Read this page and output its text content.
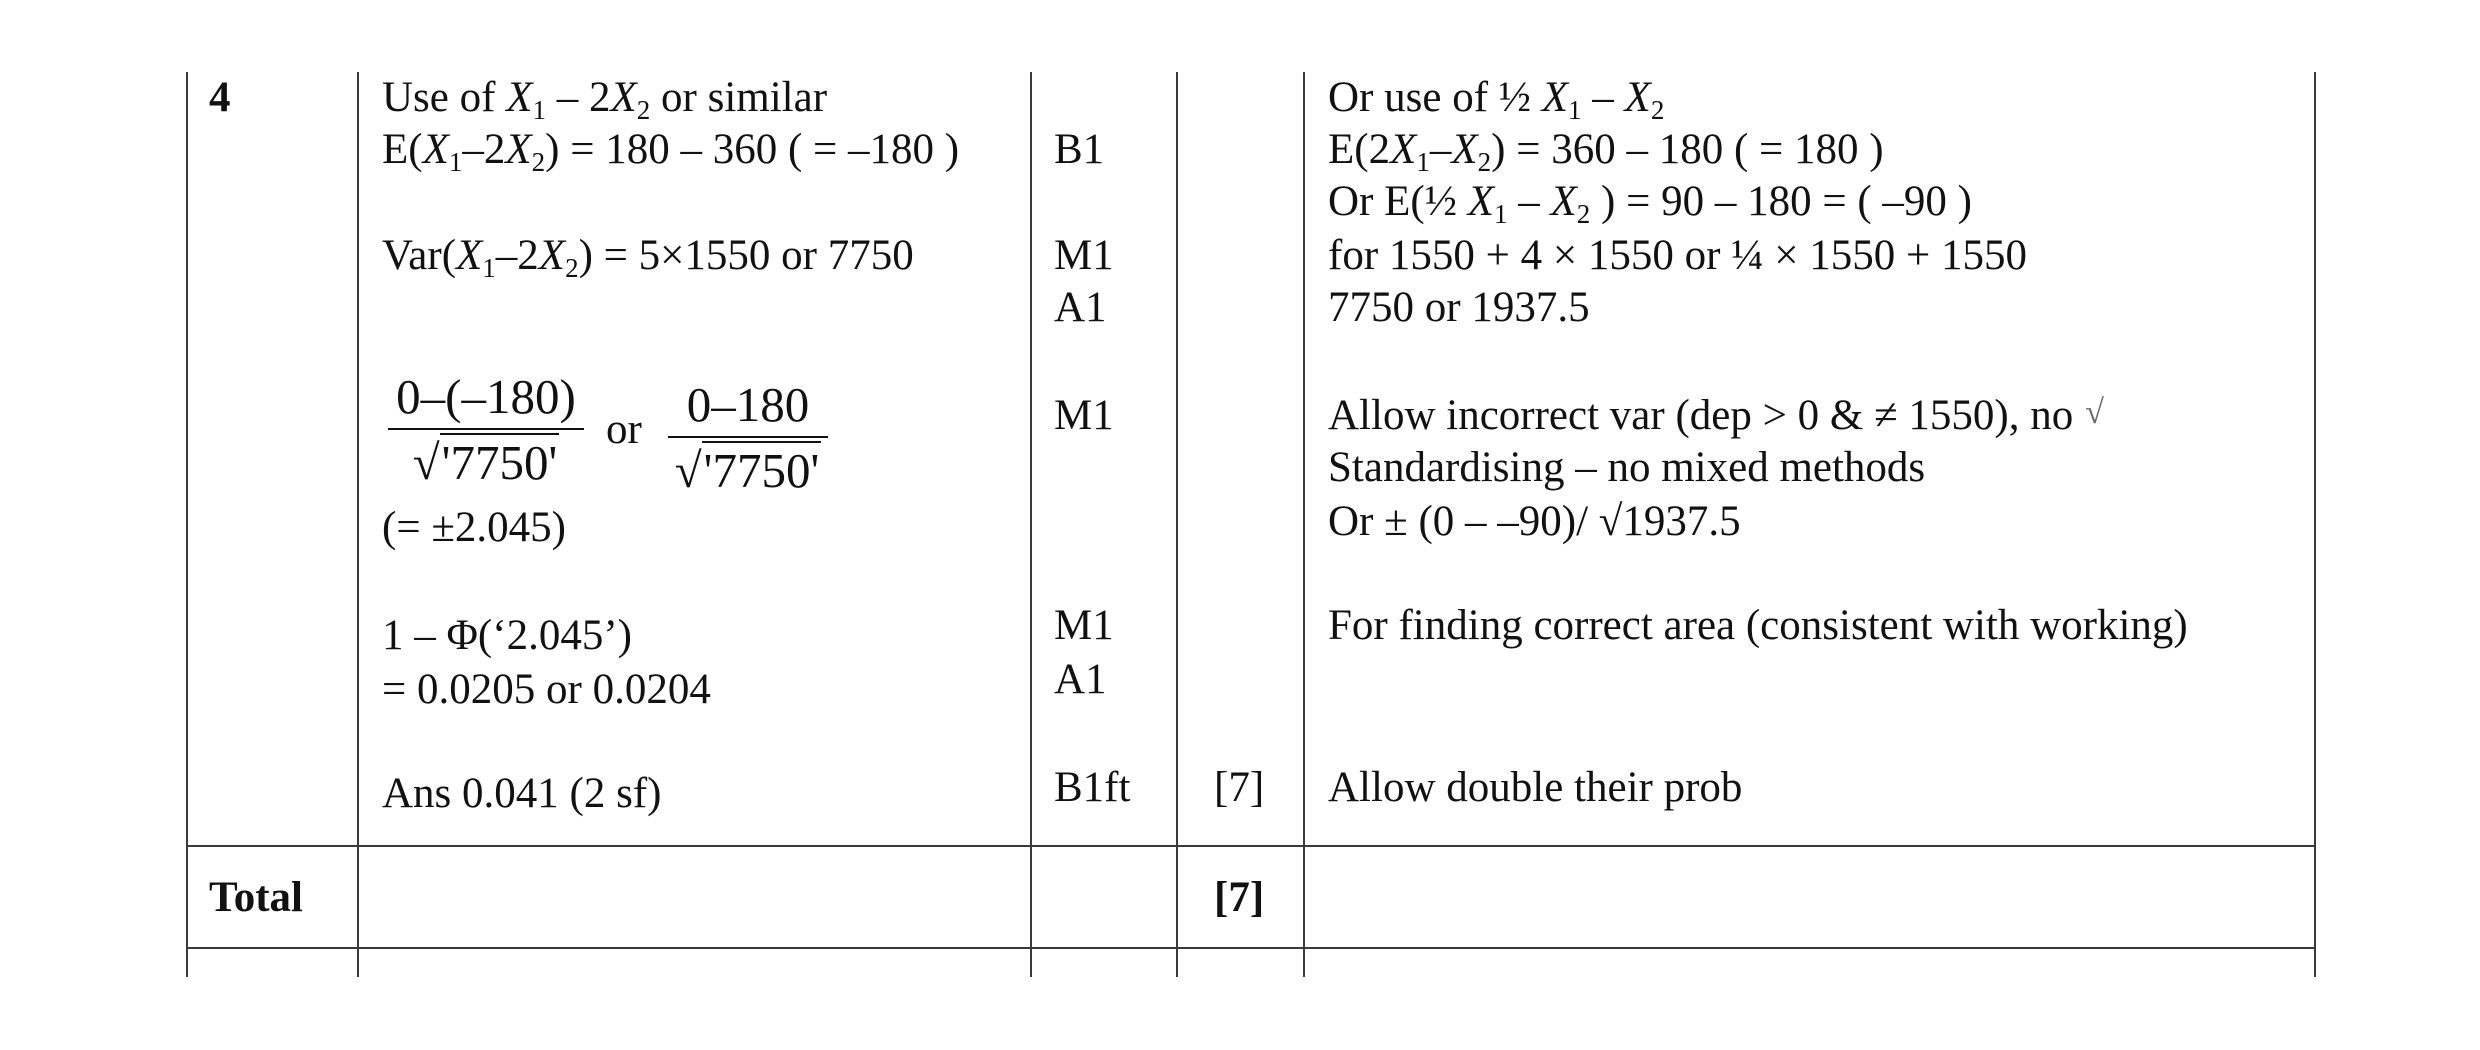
4	Use of $X_1 - 2X_2$ or similar
$E(X_1-2X_2) = 180 - 360$ ( = –180 )
$Var(X_1-2X_2) = 5\times 1550$ or 7750
0–(–180)
√'7750'
or 0–180
√'7750'
(= ±2.045)
1 – Φ(‘2.045’)
= 0.0205 or 0.0204
Ans 0.041 (2 sf)
B1
M1
A1
M1
M1
A1
B1ft [7]
Or use of ½ $X_1 - X_2$
$E(2X_1-X_2) = 360 - 180$ ( = 180 )
Or E(½ $X_1 - X_2$ ) = 90 – 180 = ( –90 )
for 1550 + 4 × 1550 or ¼ × 1550 + 1550
7750 or 1937.5
Allow incorrect var (dep > 0 & ≠ 1550), no √
Standardising – no mixed methods
Or ± (0 – –90)/ √1937.5
For finding correct area (consistent with working)
Allow double their prob
Total	[7]
